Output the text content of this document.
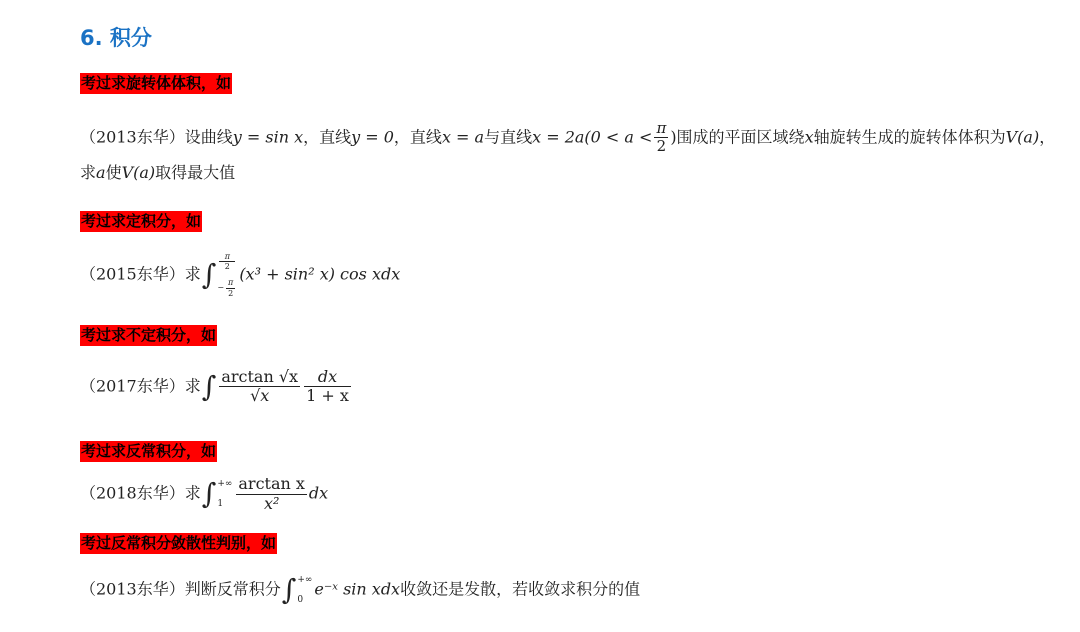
6. 积分
考过求旋转体体积，如
（2013东华）设曲线y = sin x，直线y = 0，直线x = a与直线$x = 2a(0 < a < \frac{\pi}{2}$ )围成的平面区域绕x轴旋转生成的旋转体体积为V(a)，
求a使V(a)取得最大值
考过求定积分，如
（2015东华）求∫ $\frac{\pi}{2}$
− $\frac{\pi}{2}$
(x³ + sin² x) cos xdx
考过求不定积分，如
（2017东华）求∫ $\frac{\arctan √x}{√x} \frac{dx}{1 + x}$
考过求反常积分，如
（2018东华）求∫ +∞
$1 \frac{\text{arctan x}}{\text{x²}}$ dx
考过反常积分敛散性判别，如
（2013东华）判断反常积分∫ +∞
0
e⁻ˣ sin xdx收敛还是发散，若收敛求积分的值
